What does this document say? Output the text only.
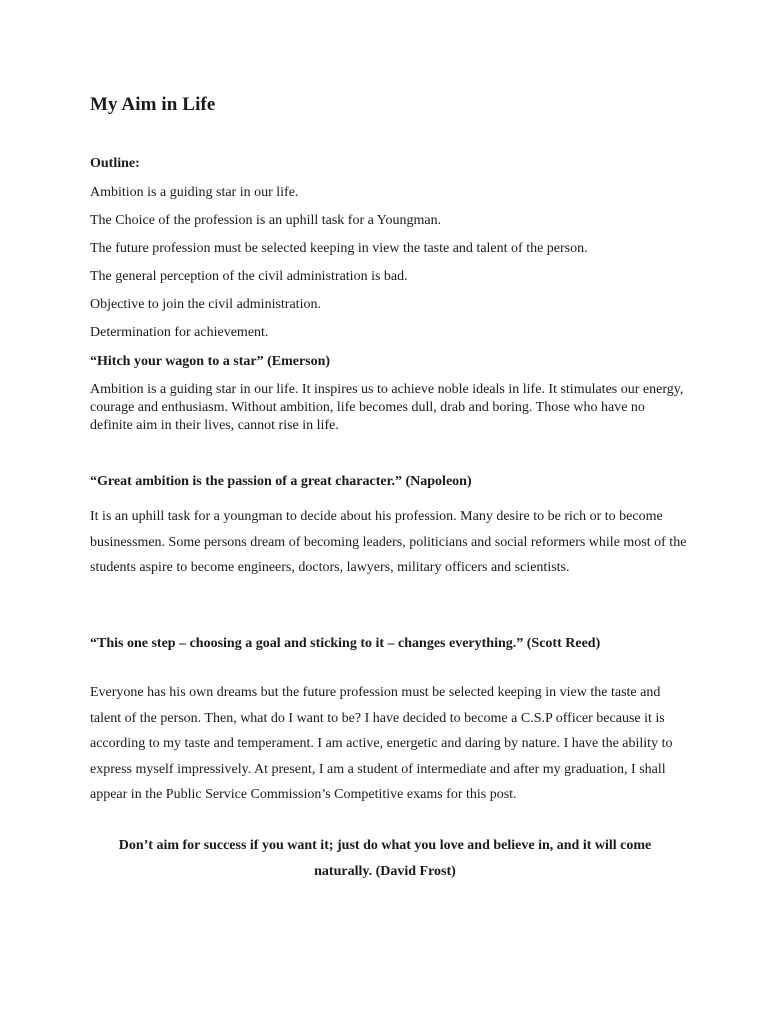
My Aim in Life

Outline:

Ambition is a guiding star in our life.
The Choice of the profession is an uphill task for a Youngman.
The future profession must be selected keeping in view the taste and talent of the person.
The general perception of the civil administration is bad.
Objective to join the civil administration.
Determination for achievement.

“Hitch your wagon to a star” (Emerson)

Ambition is a guiding star in our life. It inspires us to achieve noble ideals in life. It stimulates our energy, courage and enthusiasm. Without ambition, life becomes dull, drab and boring. Those who have no definite aim in their lives, cannot rise in life.

“Great ambition is the passion of a great character.” (Napoleon)

It is an uphill task for a youngman to decide about his profession. Many desire to be rich or to become businessmen. Some persons dream of becoming leaders, politicians and social reformers while most of the students aspire to become engineers, doctors, lawyers, military officers and scientists.

“This one step – choosing a goal and sticking to it – changes everything.” (Scott Reed)

Everyone has his own dreams but the future profession must be selected keeping in view the taste and talent of the person. Then, what do I want to be? I have decided to become a C.S.P officer because it is according to my taste and temperament. I am active, energetic and daring by nature. I have the ability to express myself impressively. At present, I am a student of intermediate and after my graduation, I shall appear in the Public Service Commission’s Competitive exams for this post.

Don’t aim for success if you want it; just do what you love and believe in, and it will come naturally. (David Frost)
